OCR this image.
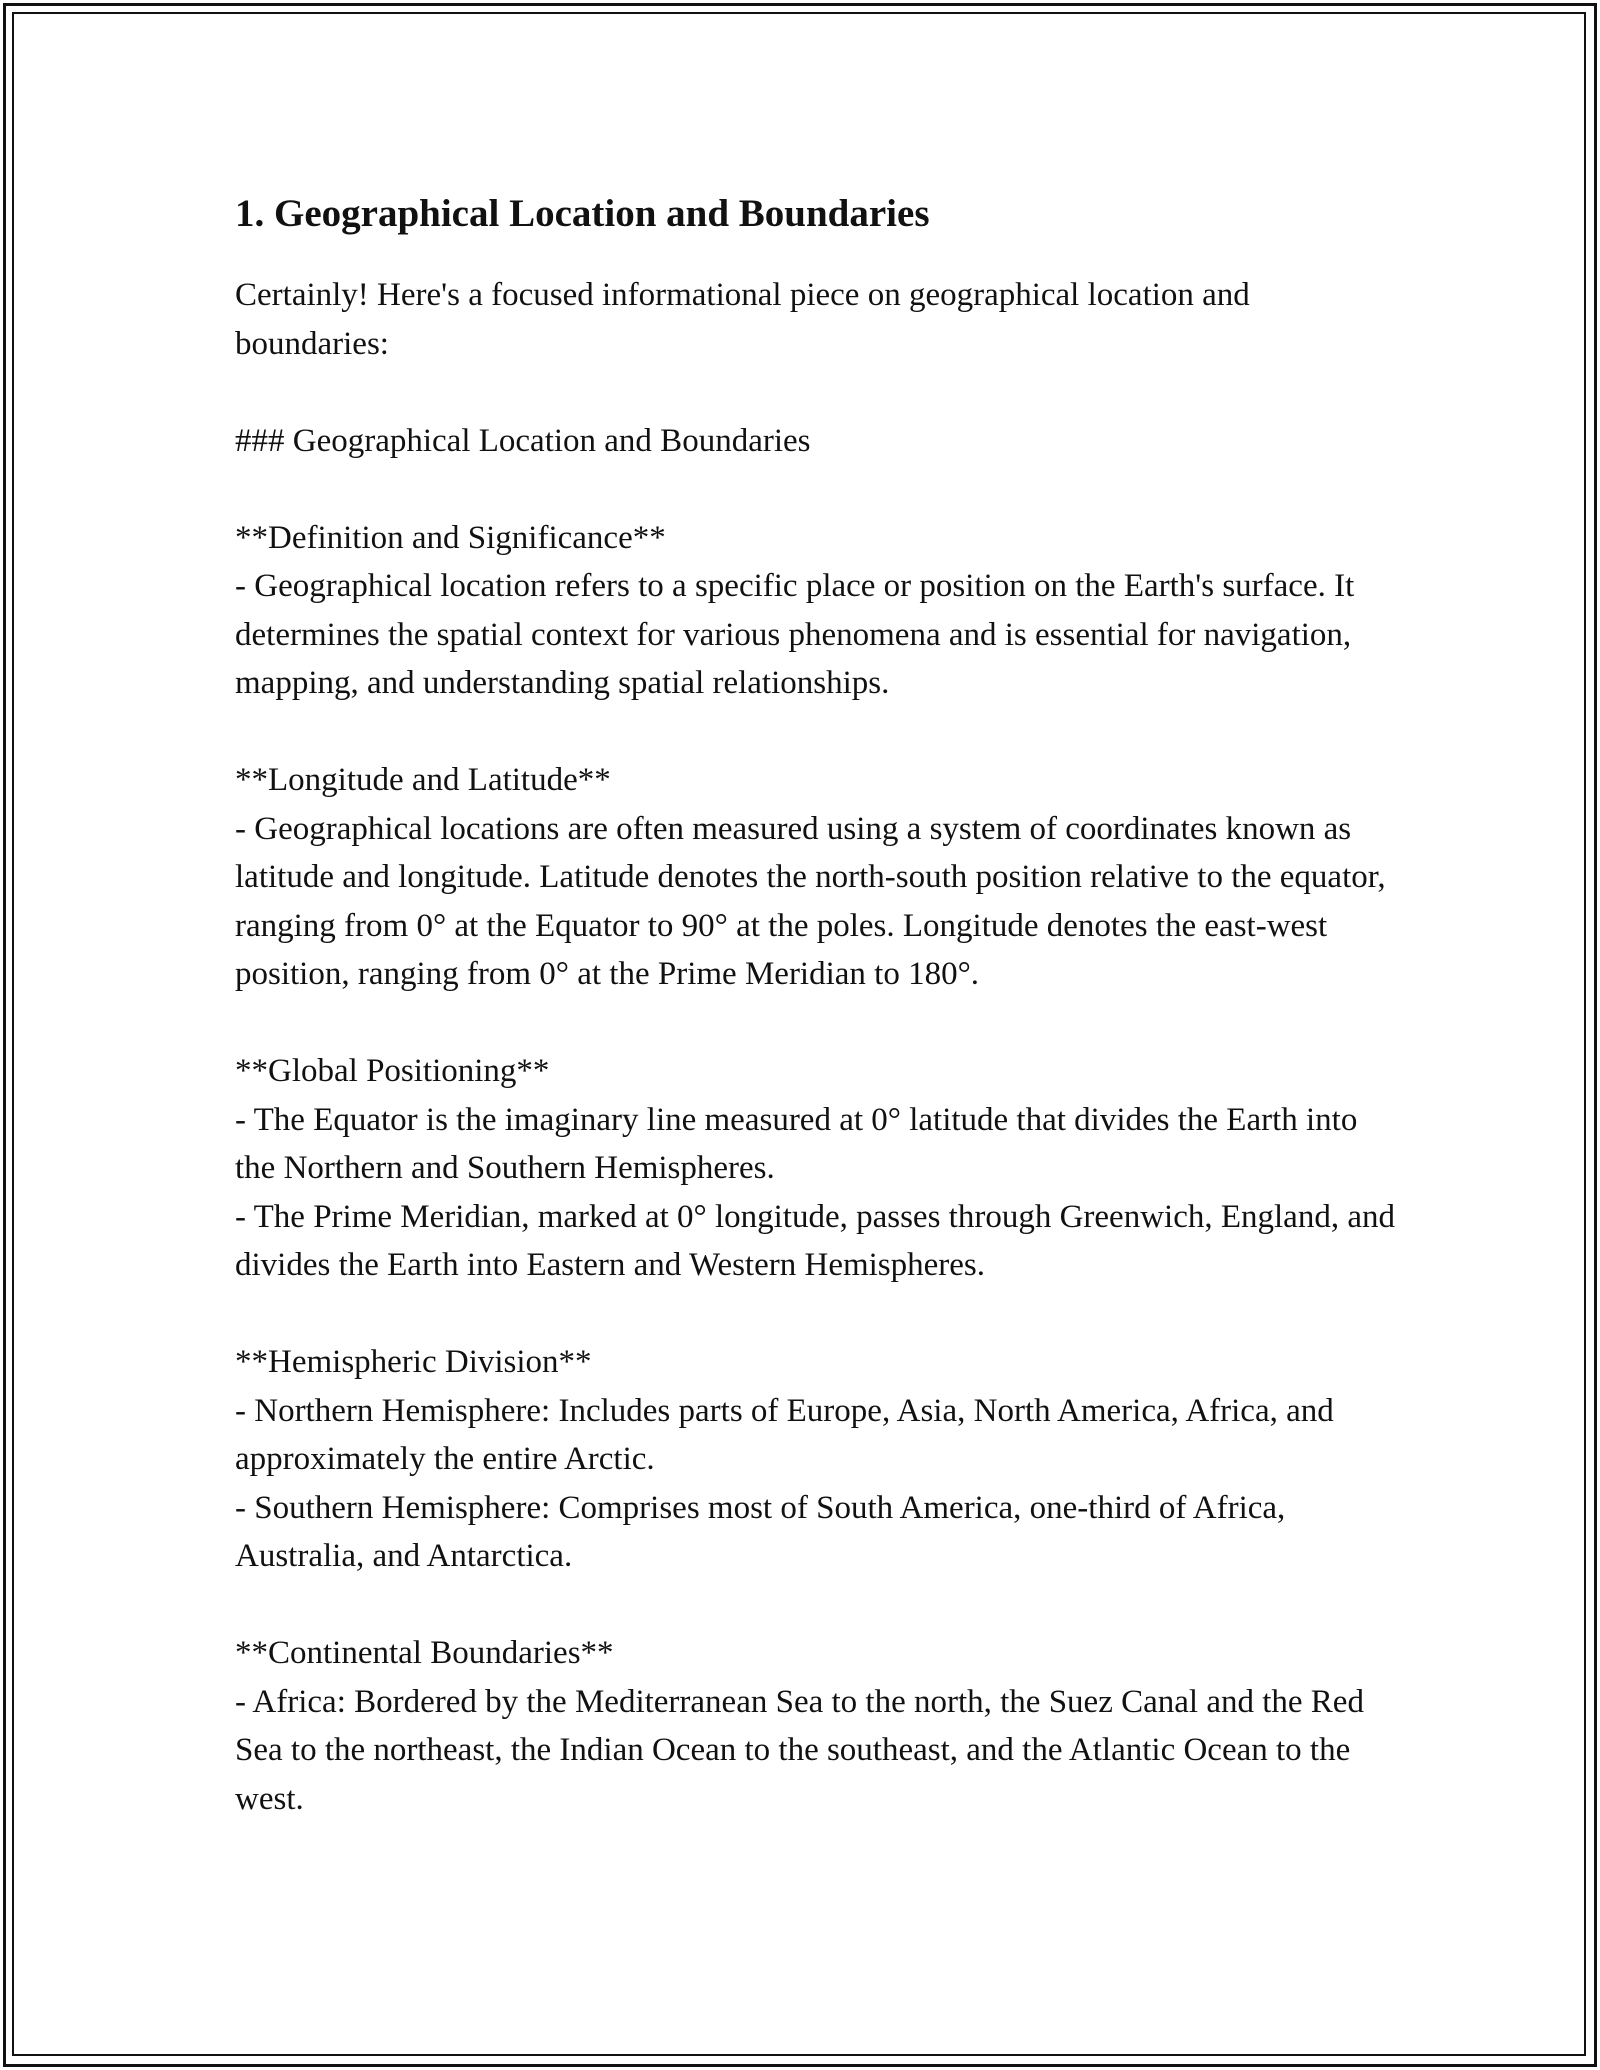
1. Geographical Location and Boundaries

Certainly! Here's a focused informational piece on geographical location and boundaries:

### Geographical Location and Boundaries

**Definition and Significance**

- Geographical location refers to a specific place or position on the Earth's surface. It determines the spatial context for various phenomena and is essential for navigation, mapping, and understanding spatial relationships.

**Longitude and Latitude**

- Geographical locations are often measured using a system of coordinates known as latitude and longitude. Latitude denotes the north-south position relative to the equator, ranging from 0° at the Equator to 90° at the poles. Longitude denotes the east-west position, ranging from 0° at the Prime Meridian to 180°.

**Global Positioning**

- The Equator is the imaginary line measured at 0° latitude that divides the Earth into the Northern and Southern Hemispheres.

- The Prime Meridian, marked at 0° longitude, passes through Greenwich, England, and divides the Earth into Eastern and Western Hemispheres.

**Hemispheric Division**

- Northern Hemisphere: Includes parts of Europe, Asia, North America, Africa, and approximately the entire Arctic.

- Southern Hemisphere: Comprises most of South America, one-third of Africa, Australia, and Antarctica.

**Continental Boundaries**

- Africa: Bordered by the Mediterranean Sea to the north, the Suez Canal and the Red Sea to the northeast, the Indian Ocean to the southeast, and the Atlantic Ocean to the west.
